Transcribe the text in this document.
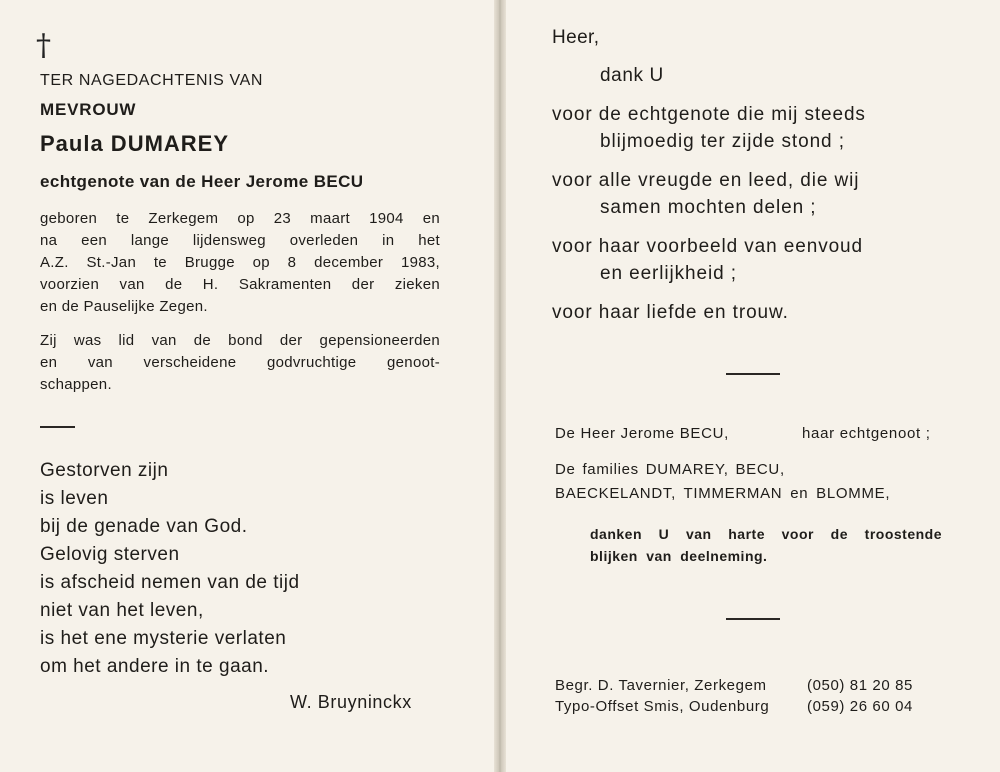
†
TER NAGEDACHTENIS VAN
MEVROUW
Paula DUMAREY
echtgenote van de Heer Jerome BECU

geboren te Zerkegem op 23 maart 1904 en

na een lange lijdensweg overleden in het

A.Z. St.-Jan te Brugge op 8 december 1983,

voorzien van de H. Sakramenten der zieken

en de Pauselijke Zegen.

Zij was lid van de bond der gepensioneerden

en van verscheidene godvruchtige genoot-

schappen.

Gestorven zijn
is leven
bij de genade van God.
Gelovig sterven
is afscheid nemen van de tijd
niet van het leven,
is het ene mysterie verlaten
om het andere in te gaan.
W. Bruyninckx
Heer,
dank U
voor de echtgenote die mij steeds
blijmoedig ter zijde stond ;
voor alle vreugde en leed, die wij
samen mochten delen ;
voor haar voorbeeld van eenvoud
en eerlijkheid ;
voor haar liefde en trouw.
De Heer Jerome BECU,	haar echtgenoot ;
De families DUMAREY, BECU,
BAECKELANDT, TIMMERMAN en BLOMME,

danken U van harte voor de troostende

blijken van deelneming.

Begr. D. Tavernier, Zerkegem	(050) 81 20 85
Typo-Offset Smis, Oudenburg	(059) 26 60 04
